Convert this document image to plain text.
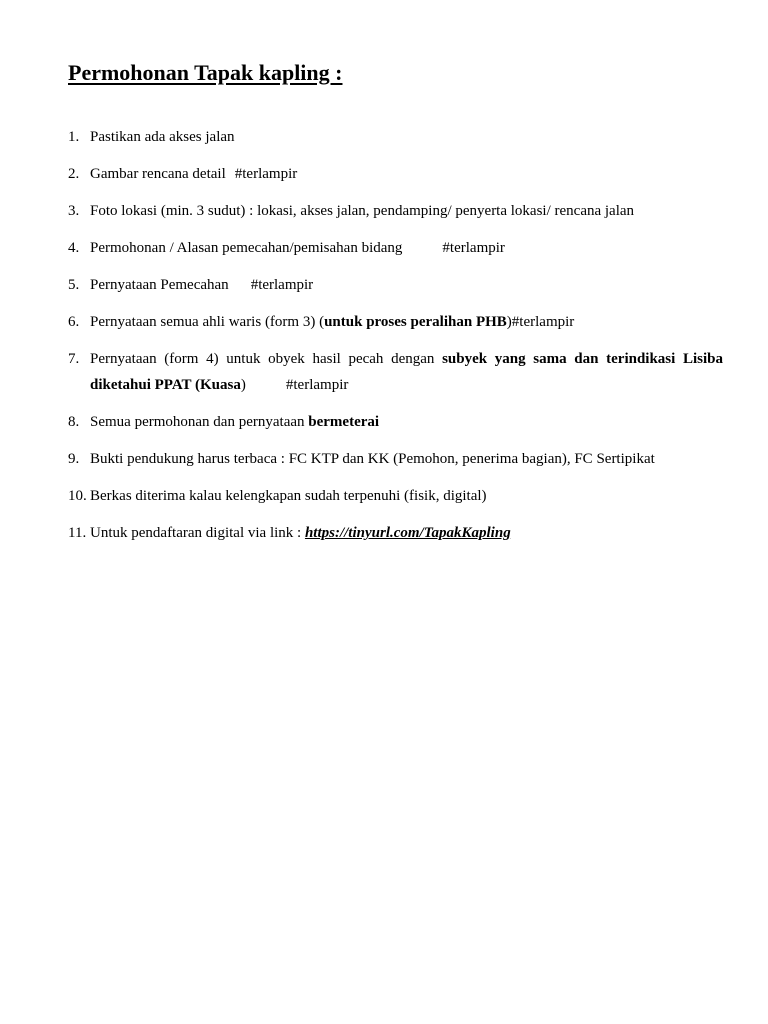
Permohonan Tapak kapling :
1. Pastikan ada akses jalan
2. Gambar rencana detail #terlampir
3. Foto lokasi (min. 3 sudut) : lokasi, akses jalan, pendamping/ penyerta lokasi/ rencana jalan
4. Permohonan / Alasan pemecahan/pemisahan bidang	#terlampir
5. Pernyataan Pemecahan #terlampir
6. Pernyataan semua ahli waris (form 3) (untuk proses peralihan PHB)#terlampir
7. Pernyataan (form 4) untuk obyek hasil pecah dengan subyek yang sama dan terindikasi Lisiba diketahui PPAT (Kuasa)	#terlampir
8. Semua permohonan dan pernyataan bermeterai
9. Bukti pendukung harus terbaca : FC KTP dan KK (Pemohon, penerima bagian), FC Sertipikat
10. Berkas diterima kalau kelengkapan sudah terpenuhi (fisik, digital)
11. Untuk pendaftaran digital via link : https://tinyurl.com/TapakKapling
